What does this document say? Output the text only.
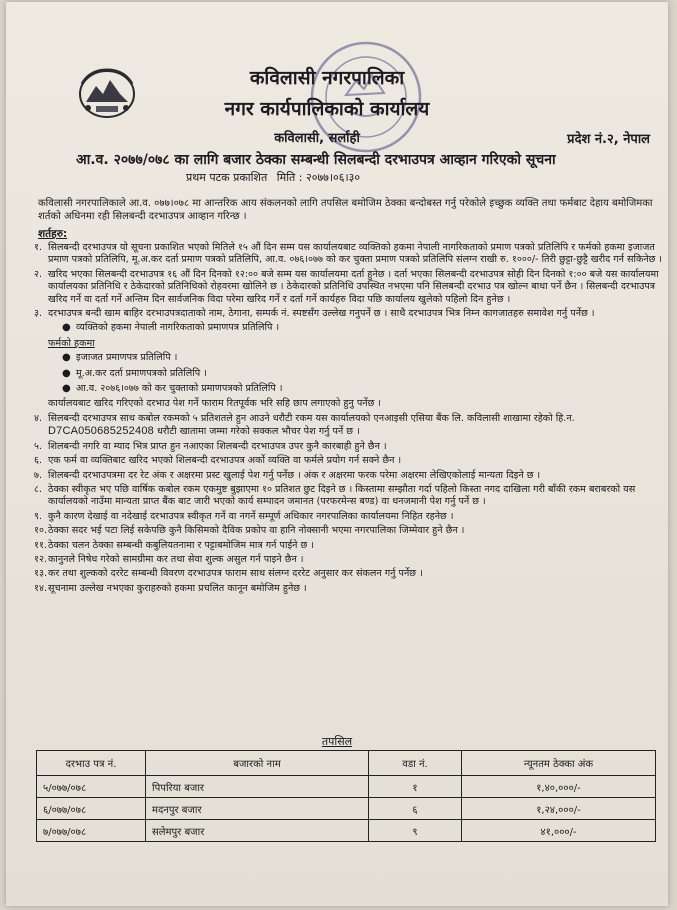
कविलासी नगरपालिका
नगर कार्यपालिकाको कार्यालय
कविलासी, सर्लाही	प्रदेश नं.२, नेपाल
आ.व. २०७७/०७८ का लागि बजार ठेक्का सम्बन्धी सिलबन्दी दरभाउपत्र आव्हान गरिएको सूचना
प्रथम पटक प्रकाशित मिति : २०७७।०६।३०
कविलासी नगरपालिकाले आ.व. ०७७।०७८ मा आन्तरिक आय संकलनको लागि तपसिल बमोजिम ठेक्का बन्दोबस्त गर्नु परेकोले इच्छुक व्यक्ति तथा फर्मबाट देहाय बमोजिमका शर्तको अधिनमा रही सिलबन्दी दरभाउपत्र आव्हान गरिन्छ ।
शर्तहरु:
१. सिलबन्दी दरभाउपत्र यो सूचना प्रकाशित भएको मितिले १५ औं दिन सम्म यस कार्यालयबाट व्यक्तिको हकमा नेपाली नागरिकताको प्रमाण पत्रको प्रतिलिपि र फर्मको हकमा इजाजत प्रमाण पत्रको प्रतिलिपि, मू.अ.कर दर्ता प्रमाण पत्रको प्रतिलिपि, आ.व. ०७६।०७७ को कर चुक्ता प्रमाण पत्रको प्रतिलिपि संलग्न राखी रु. १०००/- तिरी छुट्टा-छुट्टै खरीद गर्न सकिनेछ ।
२. खरिद भएका सिलबन्दी दरभाउपत्र १६ औं दिन दिनको १२:०० बजे सम्म यस कार्यालयमा दर्ता हुनेछ । दर्ता भएका सिलबन्दी दरभाउपत्र सोही दिन दिनको १:०० बजे यस कार्यालयमा कार्यालयका प्रतिनिधि र ठेकेदारको प्रतिनिधिको रोहवरमा खोलिने छ । ठेकेदारको प्रतिनिधि उपस्थित नभएमा पनि सिलबन्दी दरभाउ पत्र खोल्न बाधा पर्ने छैन । सिलबन्दी दरभाउपत्र खरिद गर्ने वा दर्ता गर्ने अन्तिम दिन सार्वजनिक विदा परेमा खरिद गर्ने र दर्ता गर्ने कार्यहरु विदा पछि कार्यालय खुलेको पहिलो दिन हुनेछ ।
३. दरभाउपत्र बन्दी खाम बाहिर दरभाउपत्रदाताको नाम, ठेगाना, सम्पर्क नं. स्पष्टसँग उल्लेख गनुपर्ने छ । साथै दरभाउपत्र भित्र निम्न कागजातहरु समावेश गर्नु पर्नेछ ।
● व्यक्तिको हकमा नेपाली नागरिकताको प्रमाणपत्र प्रतिलिपि ।
फर्मको हकमा
● इजाजत प्रमाणपत्र प्रतिलिपि ।
● मू.अ.कर दर्ता प्रमाणपत्रको प्रतिलिपि ।
● आ.व. २०७६।०७७ को कर चुक्ताको प्रमाणपत्रको प्रतिलिपि ।
कार्यालयबाट खरिद गरिएको दरभाउ पेश गर्ने फाराम रितपूर्वक भरि सहि छाप लगाएको हुनु पर्नेछ ।
४. सिलबन्दी दरभाउपत्र साथ कबोल रकमको ५ प्रतिशतले हुन आउने धरौटी रकम यस कार्यालयको एनआइसी एसिया बैंक लि. कविलासी शाखामा रहेको हि.न. D7CA050685252408 धरौटी खातामा जम्मा गरेको सक्कल भौचर पेश गर्नु पर्ने छ ।
५. शिलबन्दी नगरि वा म्याद भित्र प्राप्त हुन नआएका शिलबन्दी दरभाउपत्र उपर कुनै कारबाही हुने छैन ।
६. एक फर्म वा व्यक्तिबाट खरिद भएको शिलबन्दी दरभाउपत्र अर्को व्यक्ति वा फर्मले प्रयोग गर्न सक्ने छैन ।
७. शिलबन्दी दरभाउपत्रमा दर रेट अंक र अक्षरमा प्रस्ट खुलाई पेश गर्नु पर्नेछ । अंक र अक्षरमा फरक परेमा अक्षरमा लेखिएकोलाई मान्यता दिइने छ ।
८. ठेक्का स्वीकृत भए पछि वार्षिक कबोल रकम एकमुष्ट बुझाएमा १० प्रतिशत छुट दिइने छ । किस्तामा सम्झौता गर्दा पहिलो किस्ता नगद दाखिला गरी बाँकी रकम बराबरको यस कार्यालयको नाउँमा मान्यता प्राप्त बैंक बाट जारी भएको कार्य सम्पादन जमानत (परफरमेन्स बण्ड) वा धनजमानी पेश गर्नु पर्ने छ ।
९. कुनै कारण देखाई वा नदेखाई दरभाउपत्र स्वीकृत गर्ने वा नगर्ने सम्पूर्ण अधिकार नगरपालिका कार्यालयमा निहित रहनेछ ।
१०. ठेक्का सदर भई पटा लिई सकेपछि कुनै किसिमको दैविक प्रकोप वा हानि नोक्सानी भएमा नगरपालिका जिम्मेवार हुने छैन ।
११. ठेक्का चलन ठेक्का सम्बन्धी कबुलियतनामा र पट्टाबमोजिम मात्र गर्न पाईने छ ।
१२. कानुनले निषेध गरेको सामग्रीमा कर तथा सेवा शुल्क असुल गर्न पाइने छैन ।
१३. कर तथा शुल्कको दररेट सम्बन्धी विवरण दरभाउपत्र फाराम साथ संलग्न दररेट अनुसार कर संकलन गर्नु पर्नेछ ।
१४. सूचनामा उल्लेख नभएका कुराहरुको हकमा प्रचलित कानून बमोजिम हुनेछ ।
तपसिल
दरभाउ पत्र नं.	बजारको नाम	वडा नं.	न्यूनतम ठेक्का अंक
५/०७७/०७८	पिपरिया बजार	१	१,४०,०००/-
६/०७७/०७८	मदनपुर बजार	६	१,२४,०००/-
७/०७७/०७८	सलेमपुर बजार	९	४१,०००/-
